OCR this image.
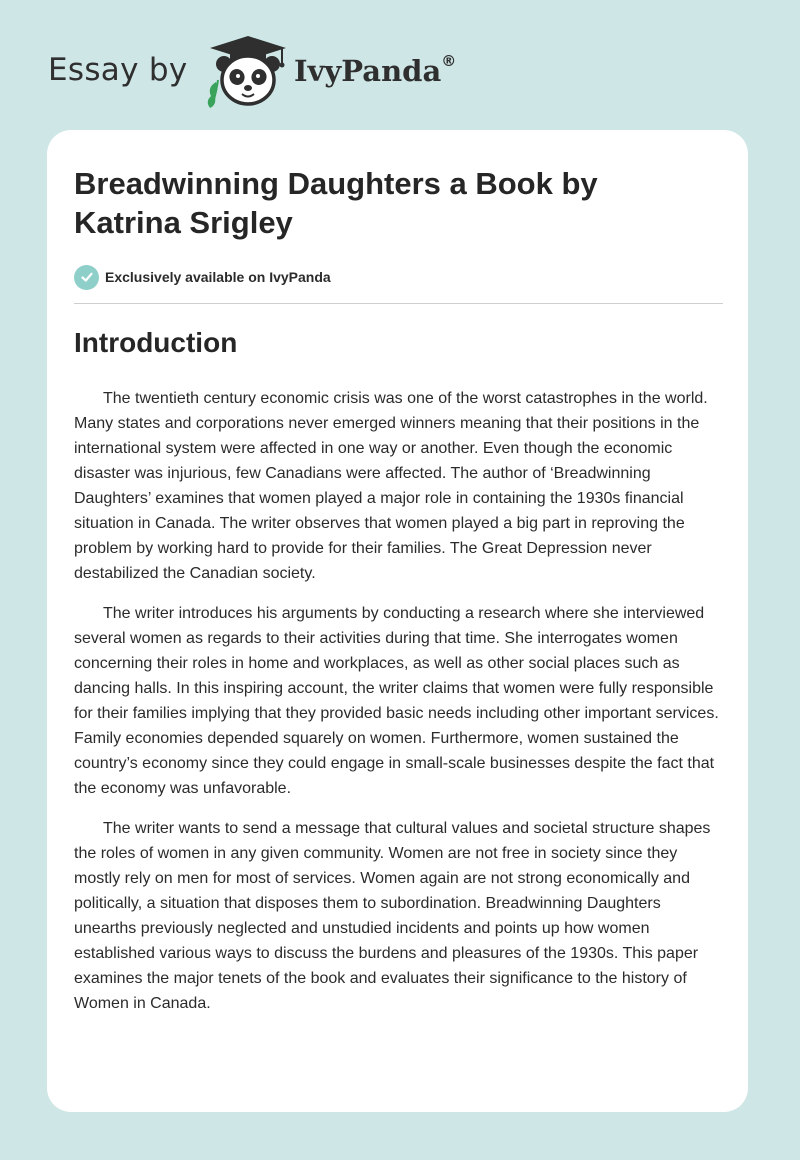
Essay by	IvyPanda®
Breadwinning Daughters a Book by Katrina Srigley
Exclusively available on IvyPanda
Introduction

The twentieth century economic crisis was one of the worst catastrophes in the world. Many states and corporations never emerged winners meaning that their positions in the international system were affected in one way or another. Even though the economic disaster was injurious, few Canadians were affected. The author of ‘Breadwinning Daughters’ examines that women played a major role in containing the 1930s financial situation in Canada. The writer observes that women played a big part in reproving the problem by working hard to provide for their families. The Great Depression never destabilized the Canadian society.

The writer introduces his arguments by conducting a research where she interviewed several women as regards to their activities during that time. She interrogates women concerning their roles in home and workplaces, as well as other social places such as dancing halls. In this inspiring account, the writer claims that women were fully responsible for their families implying that they provided basic needs including other important services. Family economies depended squarely on women. Furthermore, women sustained the country’s economy since they could engage in small-scale businesses despite the fact that the economy was unfavorable.

The writer wants to send a message that cultural values and societal structure shapes the roles of women in any given community. Women are not free in society since they mostly rely on men for most of services. Women again are not strong economically and politically, a situation that disposes them to subordination. Breadwinning Daughters unearths previously neglected and unstudied incidents and points up how women established various ways to discuss the burdens and pleasures of the 1930s. This paper examines the major tenets of the book and evaluates their significance to the history of Women in Canada.
